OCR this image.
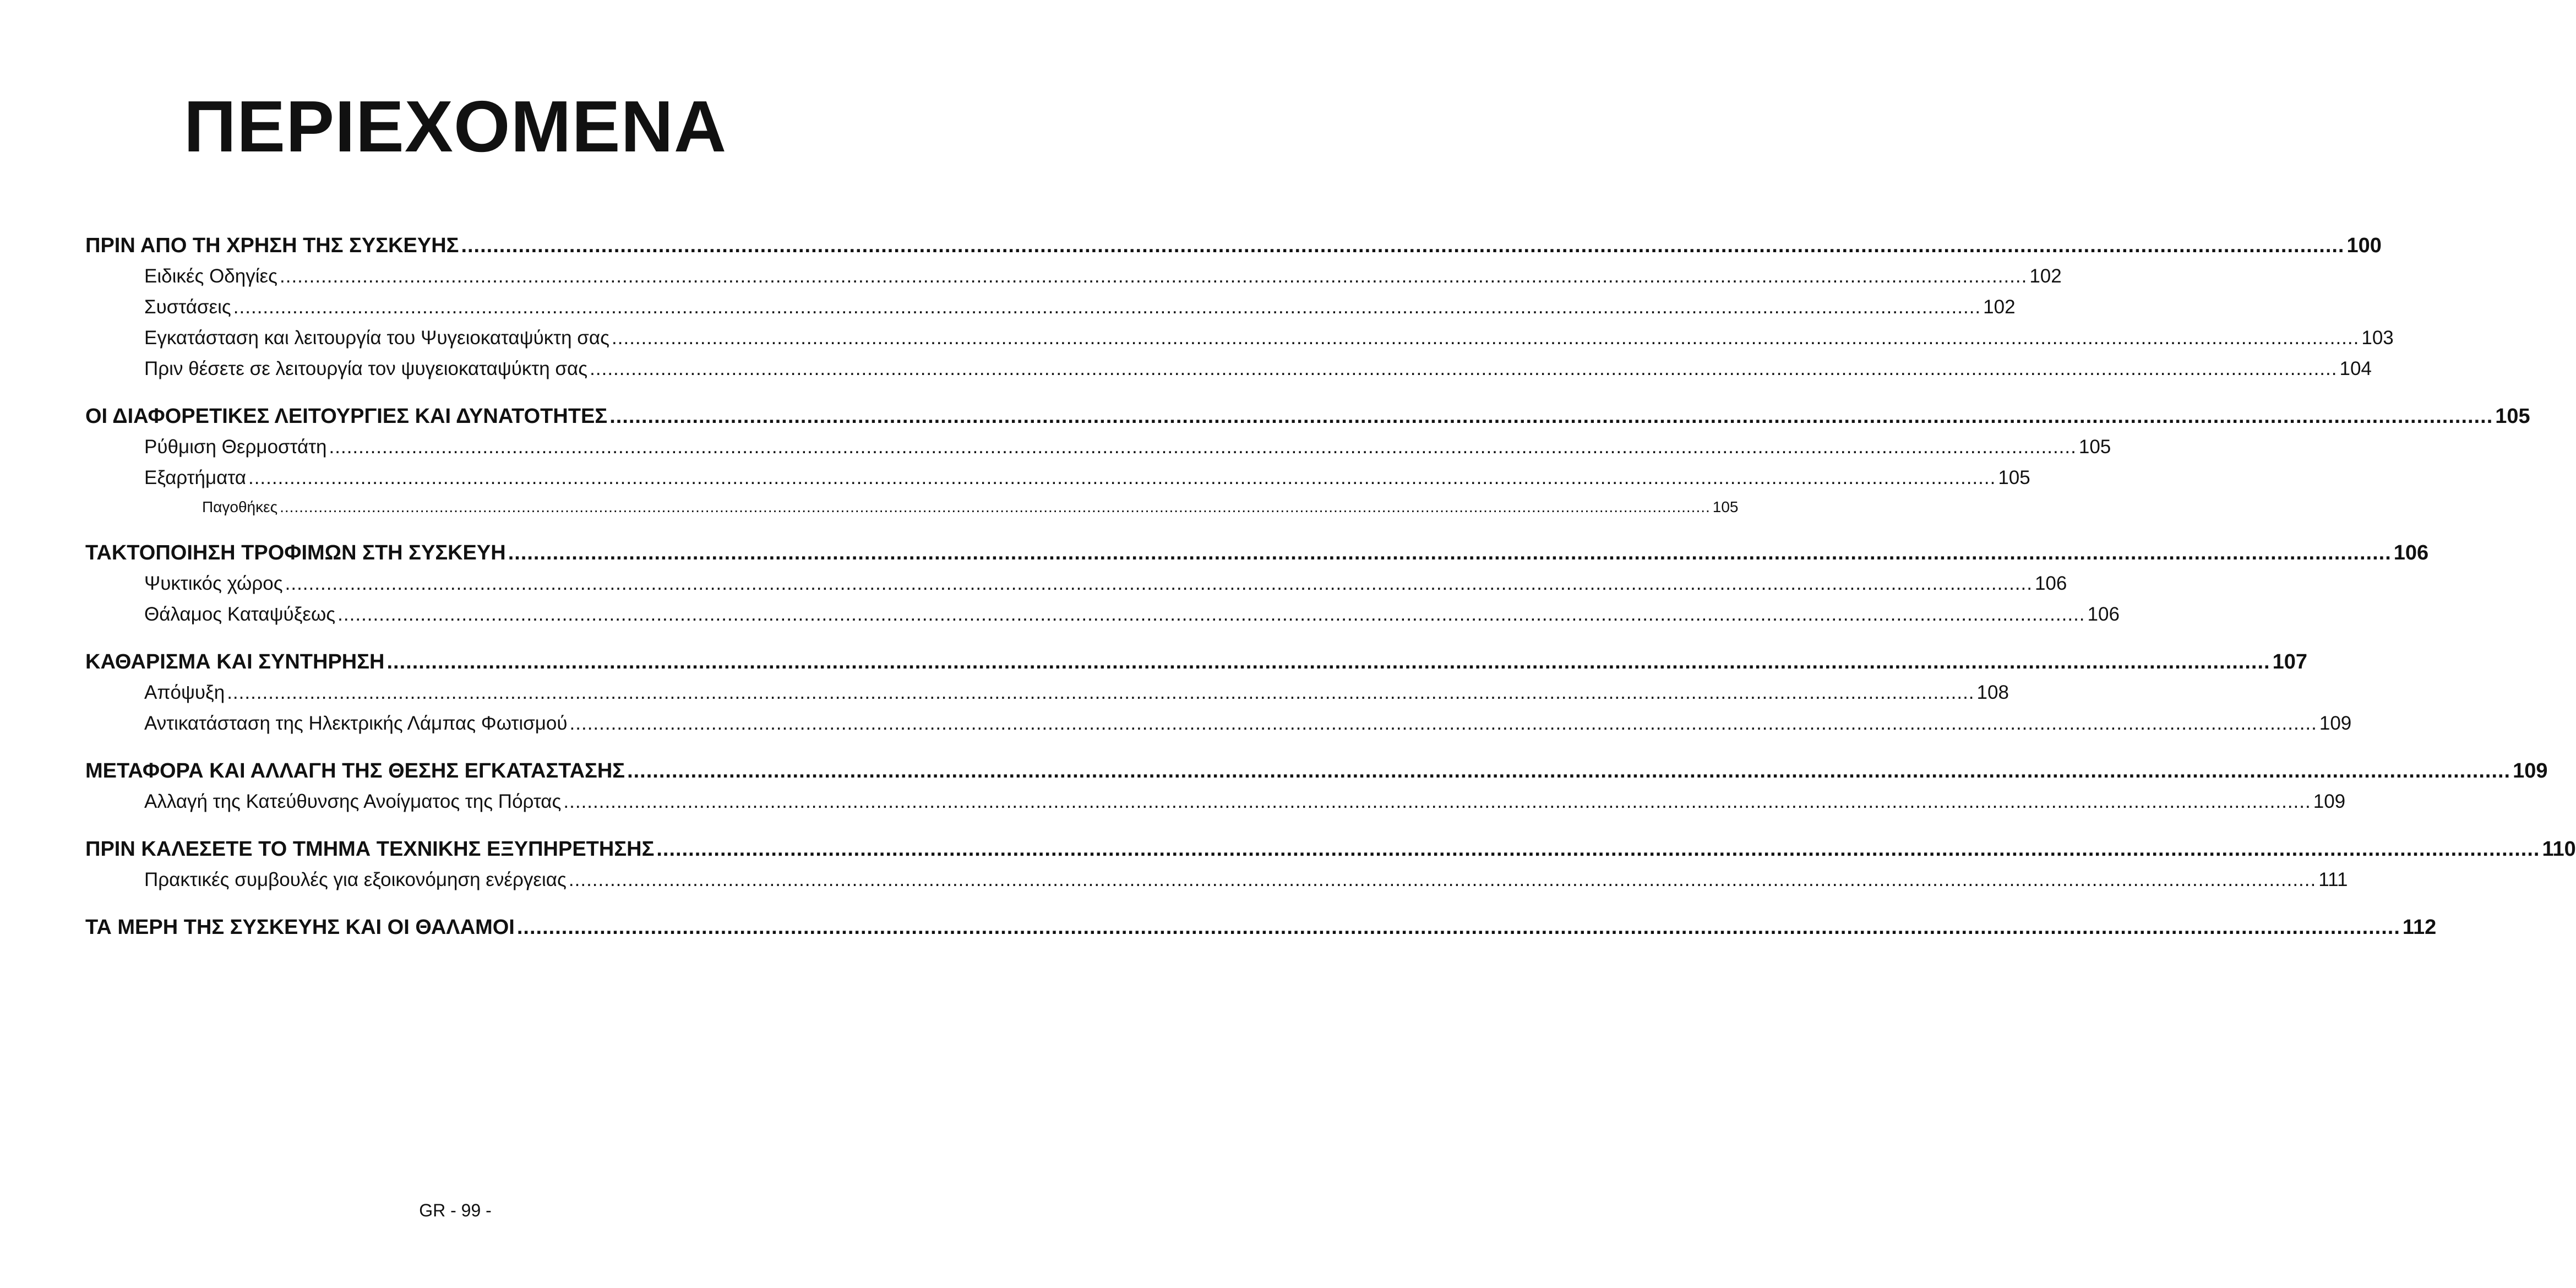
ΠΕΡΙΕΧΟΜΕΝΑ
ΠΡΙΝ ΑΠΟ ΤΗ ΧΡΗΣΗ ΤΗΣ ΣΥΣΚΕΥΗΣ .....	100
Ειδικές Οδηγίες .....	102
Συστάσεις .....	102
Εγκατάσταση και λειτουργία του Ψυγειοκαταψύκτη σας .....	103
Πριν θέσετε σε λειτουργία τον ψυγειοκαταψύκτη σας .....	104
ΟΙ ΔΙΑΦΟΡΕΤΙΚΕΣ ΛΕΙΤΟΥΡΓΙΕΣ ΚΑΙ ΔΥΝΑΤΟΤΗΤΕΣ .....	105
Ρύθμιση Θερμοστάτη .....	105
Εξαρτήματα .....	105
Παγοθήκες .....	105
ΤΑΚΤΟΠΟΙΗΣΗ ΤΡΟΦΙΜΩΝ ΣΤΗ ΣΥΣΚΕΥΗ .....	106
Ψυκτικός χώρος .....	106
Θάλαμος Καταψύξεως .....	106
ΚΑΘΑΡΙΣΜΑ ΚΑΙ ΣΥΝΤΗΡΗΣΗ .....	107
Απόψυξη .....	108
Αντικατάσταση της Ηλεκτρικής Λάμπας Φωτισμού .....	109
ΜΕΤΑΦΟΡΑ ΚΑΙ ΑΛΛΑΓΗ ΤΗΣ ΘΕΣΗΣ ΕΓΚΑΤΑΣΤΑΣΗΣ .....	109
Αλλαγή της Κατεύθυνσης Ανοίγματος της Πόρτας .....	109
ΠΡΙΝ ΚΑΛΕΣΕΤΕ ΤΟ ΤΜΗΜΑ ΤΕΧΝΙΚΗΣ ΕΞΥΠΗΡΕΤΗΣΗΣ .....	110
Πρακτικές συμβουλές για εξοικονόμηση ενέργειας .....	111
ΤΑ ΜΕΡΗ ΤΗΣ ΣΥΣΚΕΥΗΣ ΚΑΙ ΟΙ ΘΑΛΑΜΟΙ .....	112
GR - 99 -
